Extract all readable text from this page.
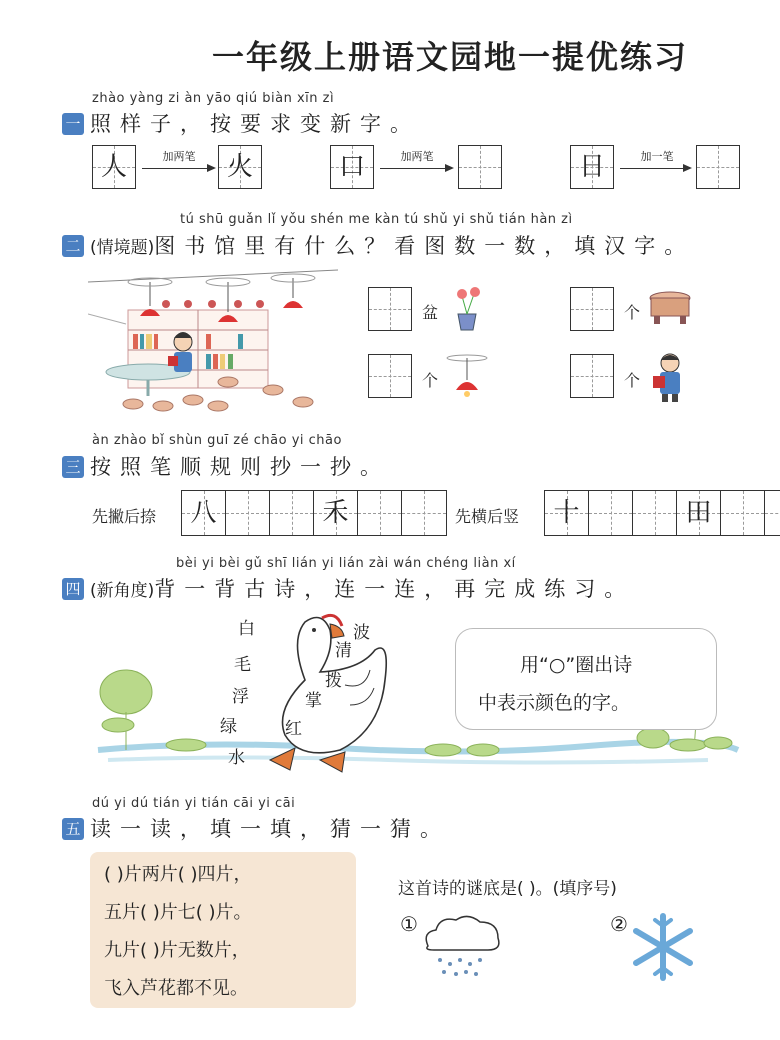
一年级上册语文园地一提优练习
zhào yàng zi àn yāo qiú biàn xīn zì
一 照样子，按要求变新字。
人	加两笔	火	口	加两笔	日	加一笔
tú shū guǎn lǐ yǒu shén me kàn tú shǔ yi shǔ tián hàn zì
二 (情境题)图书馆里有什么？看图数一数，填汉字。
盆	个
个	个
àn zhào bǐ shùn guī zé chāo yi chāo
三 按照笔顺规则抄一抄。
先撇后捺	八	禾	先横后竖	十	田
bèi yi bèi gǔ shī lián yi lián zài wán chéng liàn xí
四 (新角度)背一背古诗，连一连，再完成练习。
白
毛
浮
绿
水
波
清
拨
掌
红
用“○”圈出诗
中表示颜色的字。
dú yi dú tián yi tián cāi yi cāi
五 读一读，填一填，猜一猜。
( )片两片( )四片，
五片( )片七( )片。
九片( )片无数片，
飞入芦花都不见。
这首诗的谜底是( )。(填序号)
①	②
